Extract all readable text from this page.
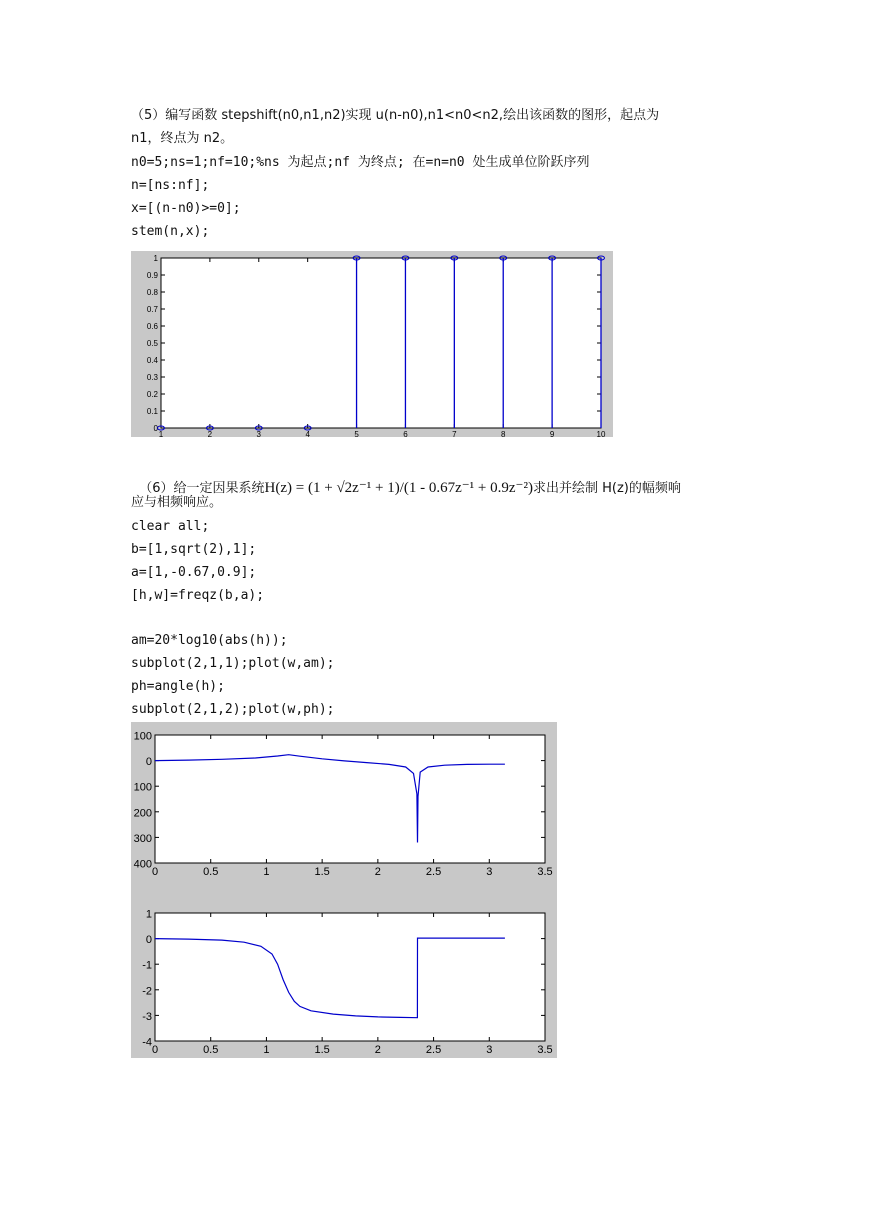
（5）编写函数 stepshift(n0,n1,n2)实现 u(n-n0),n1<n0<n2,绘出该函数的图形，起点为
n1，终点为 n2。
n0=5;ns=1;nf=10;%ns 为起点;nf 为终点; 在=n=n0 处生成单位阶跃序列
n=[ns:nf];
x=[(n-n0)>=0];
stem(n,x);
1	2	3	4	5	6	7	8	9	10
0
0.1
0.2
0.3
0.4
0.5
0.6
0.7
0.8
0.9
1

（6）给一定因果系统H(z) = (1 + √2z⁻¹ + 1)/(1 - 0.67z⁻¹ + 0.9z⁻²)求出并绘制 H(z)的幅频响

应与相频响应。
clear all;
b=[1,sqrt(2),1];
a=[1,-0.67,0.9];
[h,w]=freqz(b,a);
am=20*log10(abs(h));
subplot(2,1,1);plot(w,am);
ph=angle(h);
subplot(2,1,2);plot(w,ph);
0	0.5	1	1.5	2	2.5	3	3.5
100
0
100
200
300
400
0	0.5	1	1.5	2	2.5	3	3.5
1
0
-1
-2
-3
-4
